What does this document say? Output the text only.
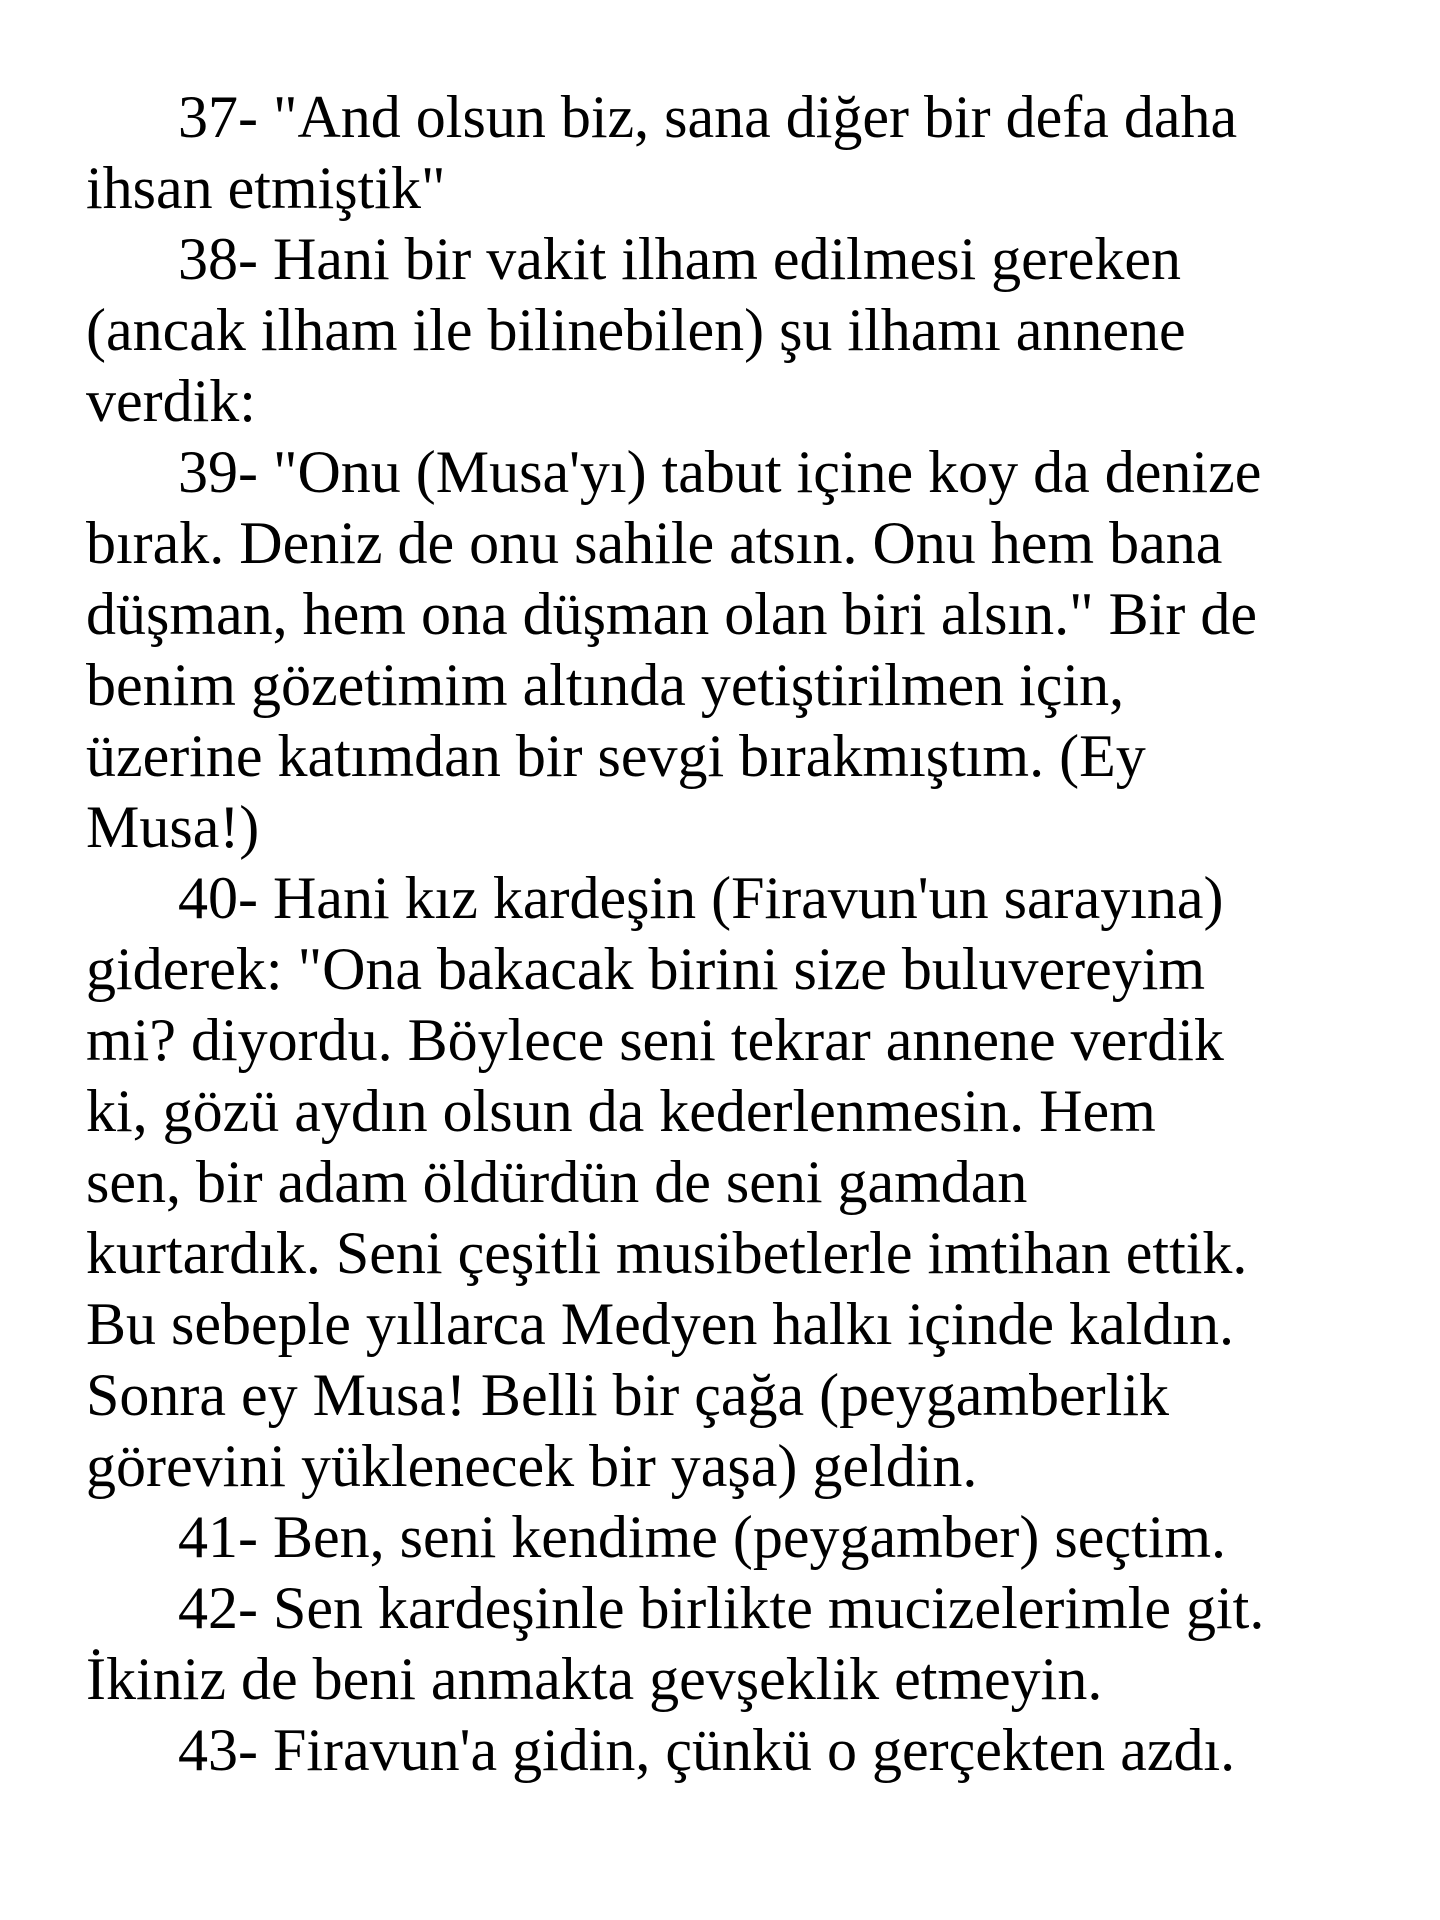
37- "And olsun biz, sana diğer bir defa daha
ihsan etmiştik"

38- Hani bir vakit ilham edilmesi gereken
(ancak ilham ile bilinebilen) şu ilhamı annene
verdik:

39- "Onu (Musa'yı) tabut içine koy da denize
bırak. Deniz de onu sahile atsın. Onu hem bana
düşman, hem ona düşman olan biri alsın." Bir de
benim gözetimim altında yetiştirilmen için,
üzerine katımdan bir sevgi bırakmıştım. (Ey
Musa!)

40- Hani kız kardeşin (Firavun'un sarayına)
giderek: "Ona bakacak birini size buluvereyim
mi? diyordu. Böylece seni tekrar annene verdik
ki, gözü aydın olsun da kederlenmesin. Hem
sen, bir adam öldürdün de seni gamdan
kurtardık. Seni çeşitli musibetlerle imtihan ettik.
Bu sebeple yıllarca Medyen halkı içinde kaldın.
Sonra ey Musa! Belli bir çağa (peygamberlik
görevini yüklenecek bir yaşa) geldin.

41- Ben, seni kendime (peygamber) seçtim.

42- Sen kardeşinle birlikte mucizelerimle git.
İkiniz de beni anmakta gevşeklik etmeyin.

43- Firavun'a gidin, çünkü o gerçekten azdı.
